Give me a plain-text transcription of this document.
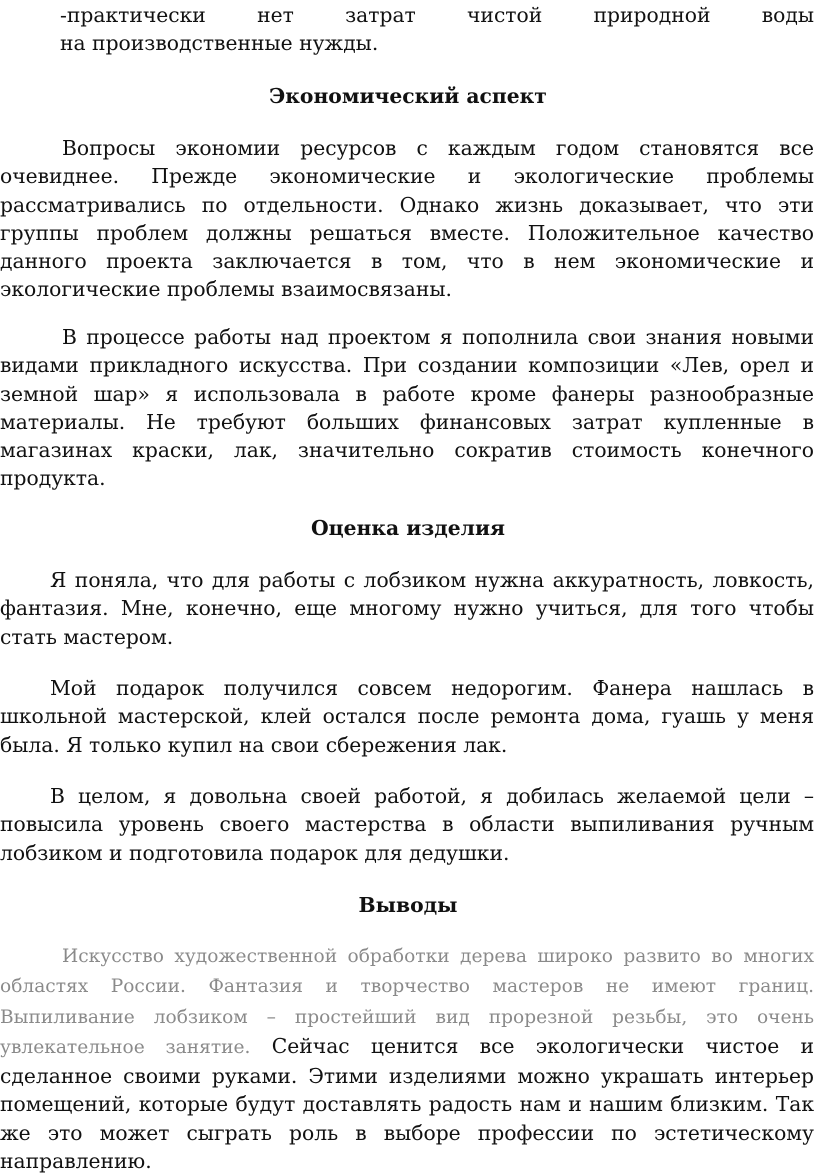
-практически нет затрат чистой природной воды

на производственные нужды.

Экономический аспект

Вопросы экономии ресурсов с каждым годом становятся все очевиднее. Прежде экономические и экологические проблемы рассматривались по отдельности. Однако жизнь доказывает, что эти группы проблем должны решаться вместе. Положительное качество данного проекта заключается в том, что в нем экономические и экологические проблемы взаимосвязаны.

В процессе работы над проектом я пополнила свои знания новыми видами прикладного искусства. При создании композиции «Лев, орел и земной шар» я использовала в работе кроме фанеры разнообразные материалы. Не требуют больших финансовых затрат купленные в магазинах краски, лак, значительно сократив стоимость конечного продукта.

Оценка изделия

Я поняла, что для работы с лобзиком нужна аккуратность, ловкость, фантазия. Мне, конечно, еще многому нужно учиться, для того чтобы стать мастером.

Мой подарок получился совсем недорогим. Фанера нашлась в школьной мастерской, клей остался после ремонта дома, гуашь у меня была. Я только купил на свои сбережения лак.

В целом, я довольна своей работой, я добилась желаемой цели – повысила уровень своего мастерства в области выпиливания ручным лобзиком и подготовила подарок для дедушки.

Выводы

Искусство художественной обработки дерева широко развито во многих областях России. Фантазия и творчество мастеров не имеют границ. Выпиливание лобзиком – простейший вид прорезной резьбы, это очень увлекательное занятие. Сейчас ценится все экологически чистое и сделанное своими руками. Этими изделиями можно украшать интерьер помещений, которые будут доставлять радость нам и нашим близким. Так же это может сыграть роль в выборе профессии по эстетическому направлению.
